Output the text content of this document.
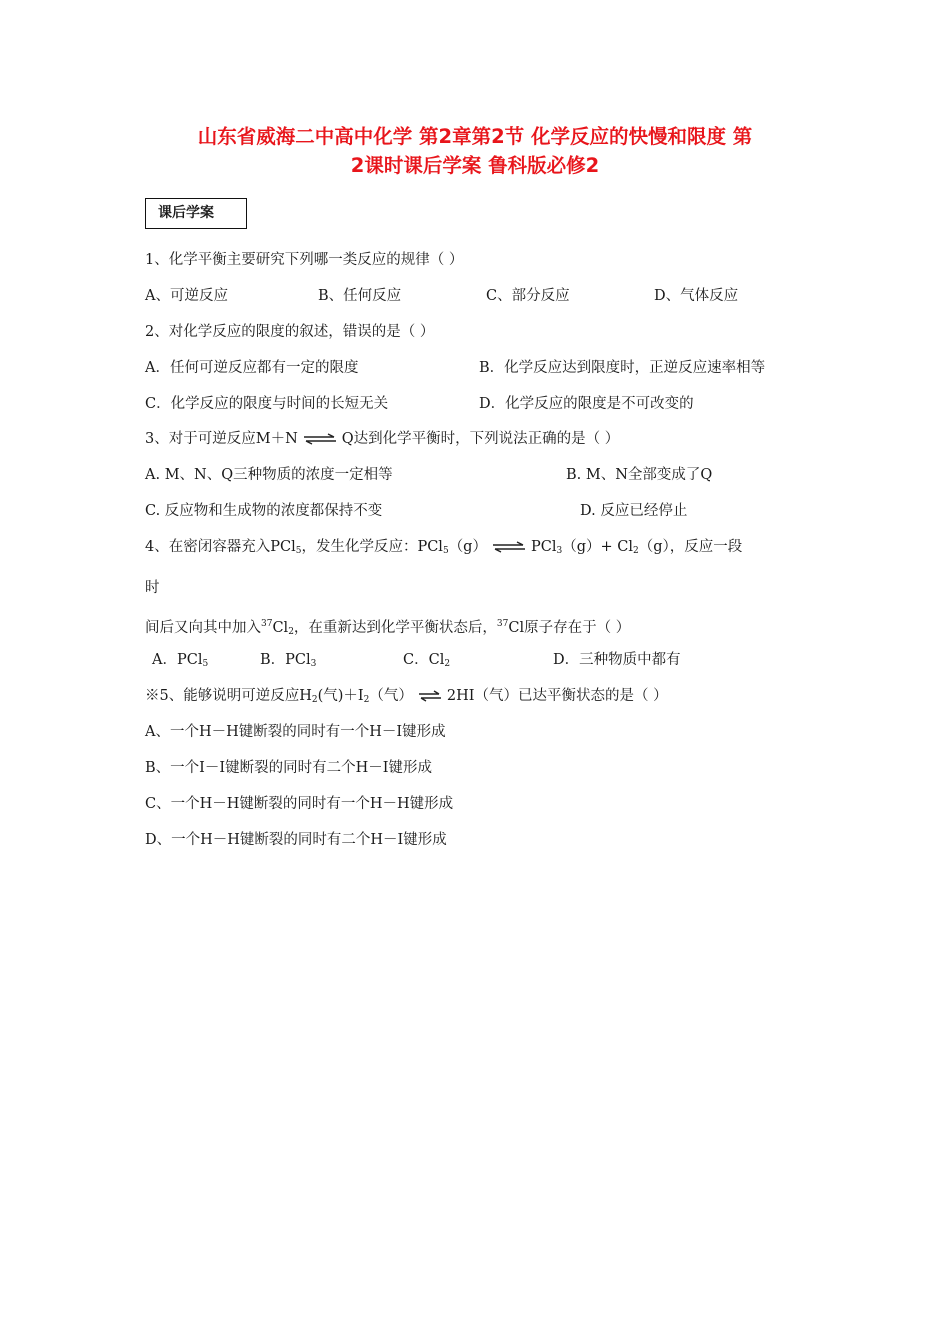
山东省威海二中高中化学 第2章第2节 化学反应的快慢和限度 第
2课时课后学案 鲁科版必修2
课后学案
1、化学平衡主要研究下列哪一类反应的规律（ ）
A、可逆反应	B、任何反应	C、部分反应	D、气体反应
2、对化学反应的限度的叙述，错误的是（ ）
A．任何可逆反应都有一定的限度	B．化学反应达到限度时，正逆反应速率相等
C．化学反应的限度与时间的长短无关	D．化学反应的限度是不可改变的
3、对于可逆反应M＋N ⇌ Q达到化学平衡时，下列说法正确的是（ ）
A. M、N、Q三种物质的浓度一定相等	B. M、N全部变成了Q
C. 反应物和生成物的浓度都保持不变	D. 反应已经停止
4、在密闭容器充入PCl$_5$，发生化学反应：PCl$_5$（g） ⇌ $PCl_3(g)+ Cl_2(g)$，反应一段
时
间后又向其中加入$^{37}Cl_2$，在重新达到化学平衡状态后，$^{37}$Cl原子存在于（ ）
A．PCl$_5$	B．PCl$_3$	C．$Cl_2$	D．三种物质中都有
※5、能够说明可逆反应$H_2$(气)$+I_2$（气） ⇌ 2HI（气）已达平衡状态的是（ ）
A、一个H－H键断裂的同时有一个H－I键形成
B、一个I－I键断裂的同时有二个H－I键形成
C、一个H－H键断裂的同时有一个H－H键形成
D、一个H－H键断裂的同时有二个H－I键形成
